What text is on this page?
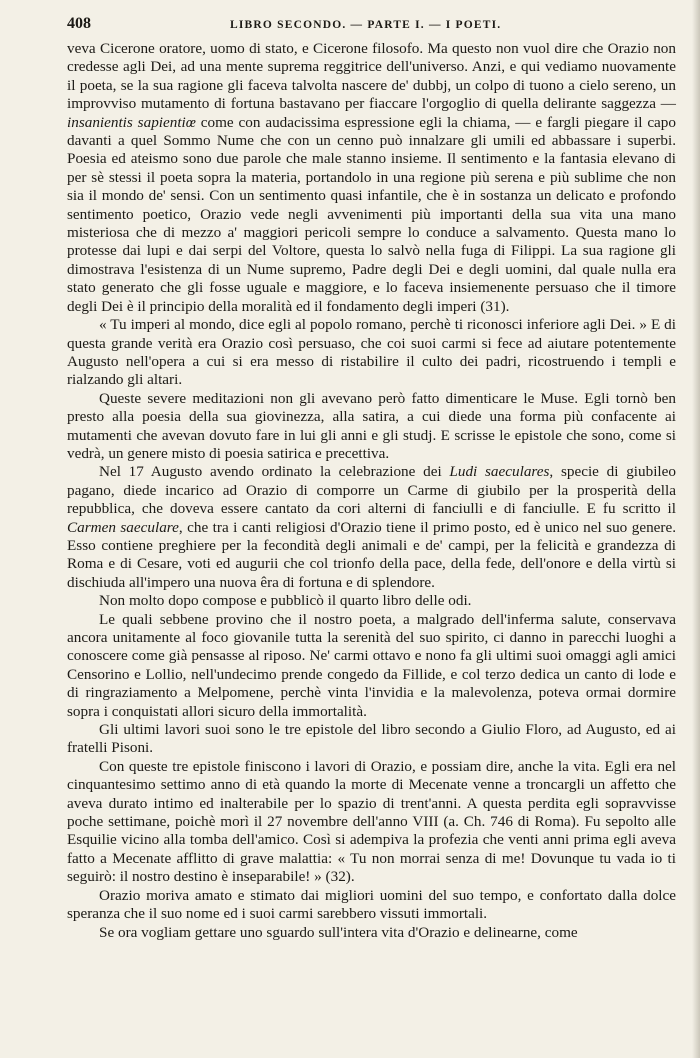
408	LIBRO SECONDO. — PARTE I. — I POETI.

veva Cicerone oratore, uomo di stato, e Cicerone filosofo. Ma questo non vuol dire che Orazio non credesse agli Dei, ad una mente suprema reggitrice dell'universo. Anzi, e qui vediamo nuovamente il poeta, se la sua ragione gli faceva talvolta nascere de' dubbj, un colpo di tuono a cielo sereno, un improvviso mutamento di fortuna bastavano per fiaccare l'orgoglio di quella delirante saggezza — insanientis sapientiœ come con audacissima espressione egli la chiama, — e fargli piegare il capo davanti a quel Sommo Nume che con un cenno può innalzare gli umili ed abbassare i superbi. Poesia ed ateismo sono due parole che male stanno insieme. Il sentimento e la fantasia elevano di per sè stessi il poeta sopra la materia, portandolo in una regione più serena e più sublime che non sia il mondo de' sensi. Con un sentimento quasi infantile, che è in sostanza un delicato e profondo sentimento poetico, Orazio vede negli avvenimenti più importanti della sua vita una mano misteriosa che di mezzo a' maggiori pericoli sempre lo conduce a salvamento. Questa mano lo protesse dai lupi e dai serpi del Voltore, questa lo salvò nella fuga di Filippi. La sua ragione gli dimostrava l'esistenza di un Nume supremo, Padre degli Dei e degli uomini, dal quale nulla era stato generato che gli fosse uguale e maggiore, e lo faceva insiemenente persuaso che il timore degli Dei è il principio della moralità ed il fondamento degli imperi (31).

« Tu imperi al mondo, dice egli al popolo romano, perchè ti riconosci inferiore agli Dei. » E di questa grande verità era Orazio così persuaso, che coi suoi carmi si fece ad aiutare potentemente Augusto nell'opera a cui si era messo di ristabilire il culto dei padri, ricostruendo i templi e rialzando gli altari.

Queste severe meditazioni non gli avevano però fatto dimenticare le Muse. Egli tornò ben presto alla poesia della sua giovinezza, alla satira, a cui diede una forma più confacente ai mutamenti che avevan dovuto fare in lui gli anni e gli studj. E scrisse le epistole che sono, come si vedrà, un genere misto di poesia satirica e precettiva.

Nel 17 Augusto avendo ordinato la celebrazione dei Ludi saeculares, specie di giubileo pagano, diede incarico ad Orazio di comporre un Carme di giubilo per la prosperità della repubblica, che doveva essere cantato da cori alterni di fanciulli e di fanciulle. E fu scritto il Carmen saeculare, che tra i canti religiosi d'Orazio tiene il primo posto, ed è unico nel suo genere. Esso contiene preghiere per la fecondità degli animali e de' campi, per la felicità e grandezza di Roma e di Cesare, voti ed augurii che col trionfo della pace, della fede, dell'onore e della virtù si dischiuda all'impero una nuova êra di fortuna e di splendore.

Non molto dopo compose e pubblicò il quarto libro delle odi.

Le quali sebbene provino che il nostro poeta, a malgrado dell'inferma salute, conservava ancora unitamente al foco giovanile tutta la serenità del suo spirito, ci danno in parecchi luoghi a conoscere come già pensasse al riposo. Ne' carmi ottavo e nono fa gli ultimi suoi omaggi agli amici Censorino e Lollio, nell'undecimo prende congedo da Fillide, e col terzo dedica un canto di lode e di ringraziamento a Melpomene, perchè vinta l'invidia e la malevolenza, poteva ormai dormire sopra i conquistati allori sicuro della immortalità.

Gli ultimi lavori suoi sono le tre epistole del libro secondo a Giulio Floro, ad Augusto, ed ai fratelli Pisoni.

Con queste tre epistole finiscono i lavori di Orazio, e possiam dire, anche la vita. Egli era nel cinquantesimo settimo anno di età quando la morte di Mecenate venne a troncargli un affetto che aveva durato intimo ed inalterabile per lo spazio di trent'anni. A questa perdita egli sopravvisse poche settimane, poichè morì il 27 novembre dell'anno VIII (a. Ch. 746 di Roma). Fu sepolto alle Esquilie vicino alla tomba dell'amico. Così si adempiva la profezia che venti anni prima egli aveva fatto a Mecenate afflitto di grave malattia: « Tu non morrai senza di me! Dovunque tu vada io ti seguirò: il nostro destino è inseparabile! » (32).

Orazio moriva amato e stimato dai migliori uomini del suo tempo, e confortato dalla dolce speranza che il suo nome ed i suoi carmi sarebbero vissuti immortali.

Se ora vogliam gettare uno sguardo sull'intera vita d'Orazio e delinearne, come
